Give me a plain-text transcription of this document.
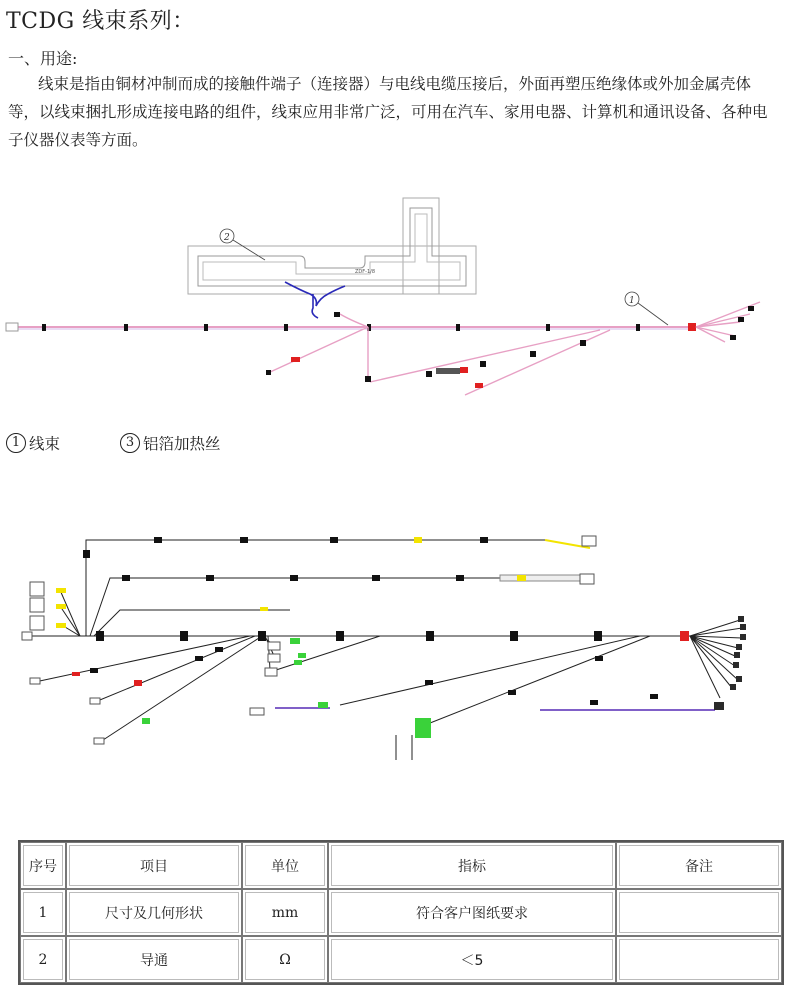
TCDG 线束系列：
一、用途:
线束是指由铜材冲制而成的接触件端子（连接器）与电线电缆压接后，外面再塑压绝缘体或外加金属壳体等，以线束捆扎形成连接电路的组件，线束应用非常广泛，可用在汽车、家用电器、计算机和通讯设备、各种电子仪器仪表等方面。
ZDF-1/8
2
1
1 线束	3 铝箔加热丝
序号	项目	单位	指标	备注
1	尺寸及几何形状	mm	符合客户图纸要求	
2	导通	Ω	＜5	
